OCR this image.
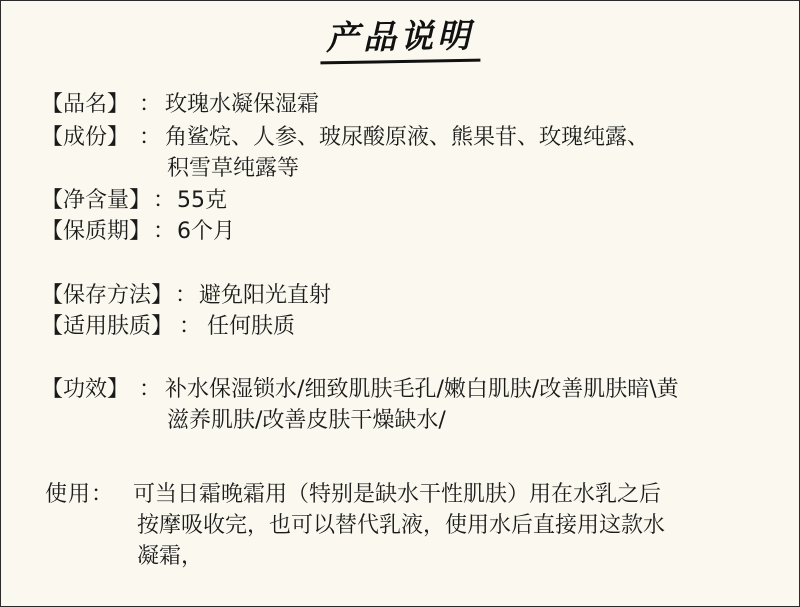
产品说明
【品名】 ： 玫瑰水凝保湿霜
【成份】 ： 角鲨烷、人参、玻尿酸原液、熊果苷、玫瑰纯露、
积雪草纯露等
【净含量】：55克
【保质期】：6个月
【保存方法】：避免阳光直射
【适用肤质】 ： 任何肤质
【功效】 ： 补水保湿锁水/细致肌肤毛孔/嫩白肌肤/改善肌肤暗\黄
滋养肌肤/改善皮肤干燥缺水/
使用： 可当日霜晚霜用（特别是缺水干性肌肤）用在水乳之后
按摩吸收完，也可以替代乳液，使用水后直接用这款水
凝霜，
